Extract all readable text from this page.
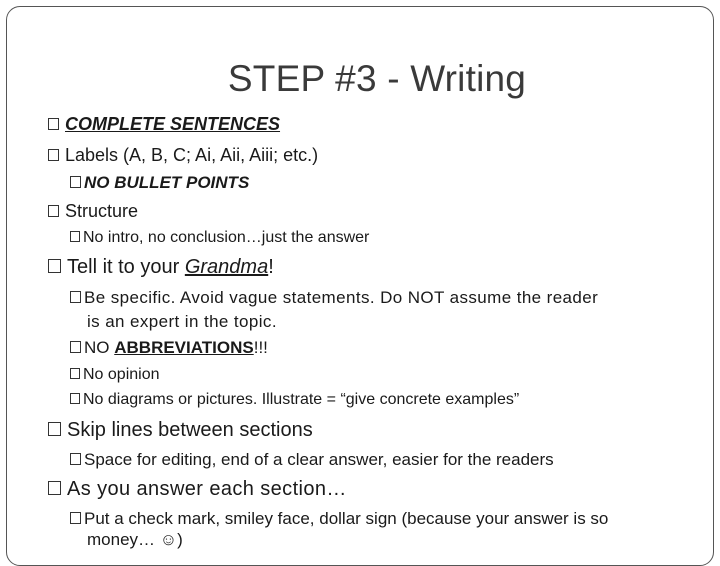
STEP #3 - Writing
COMPLETE SENTENCES
Labels (A, B, C; Ai, Aii, Aiii; etc.)
NO BULLET POINTS
Structure
No intro, no conclusion…just the answer
Tell it to your Grandma!
Be specific. Avoid vague statements. Do NOT assume the reader
is an expert in the topic.
NO ABBREVIATIONS!!!
No opinion
No diagrams or pictures. Illustrate = “give concrete examples”
Skip lines between sections
Space for editing, end of a clear answer, easier for the readers
As you answer each section…
Put a check mark, smiley face, dollar sign (because your answer is so
money… ☺)
